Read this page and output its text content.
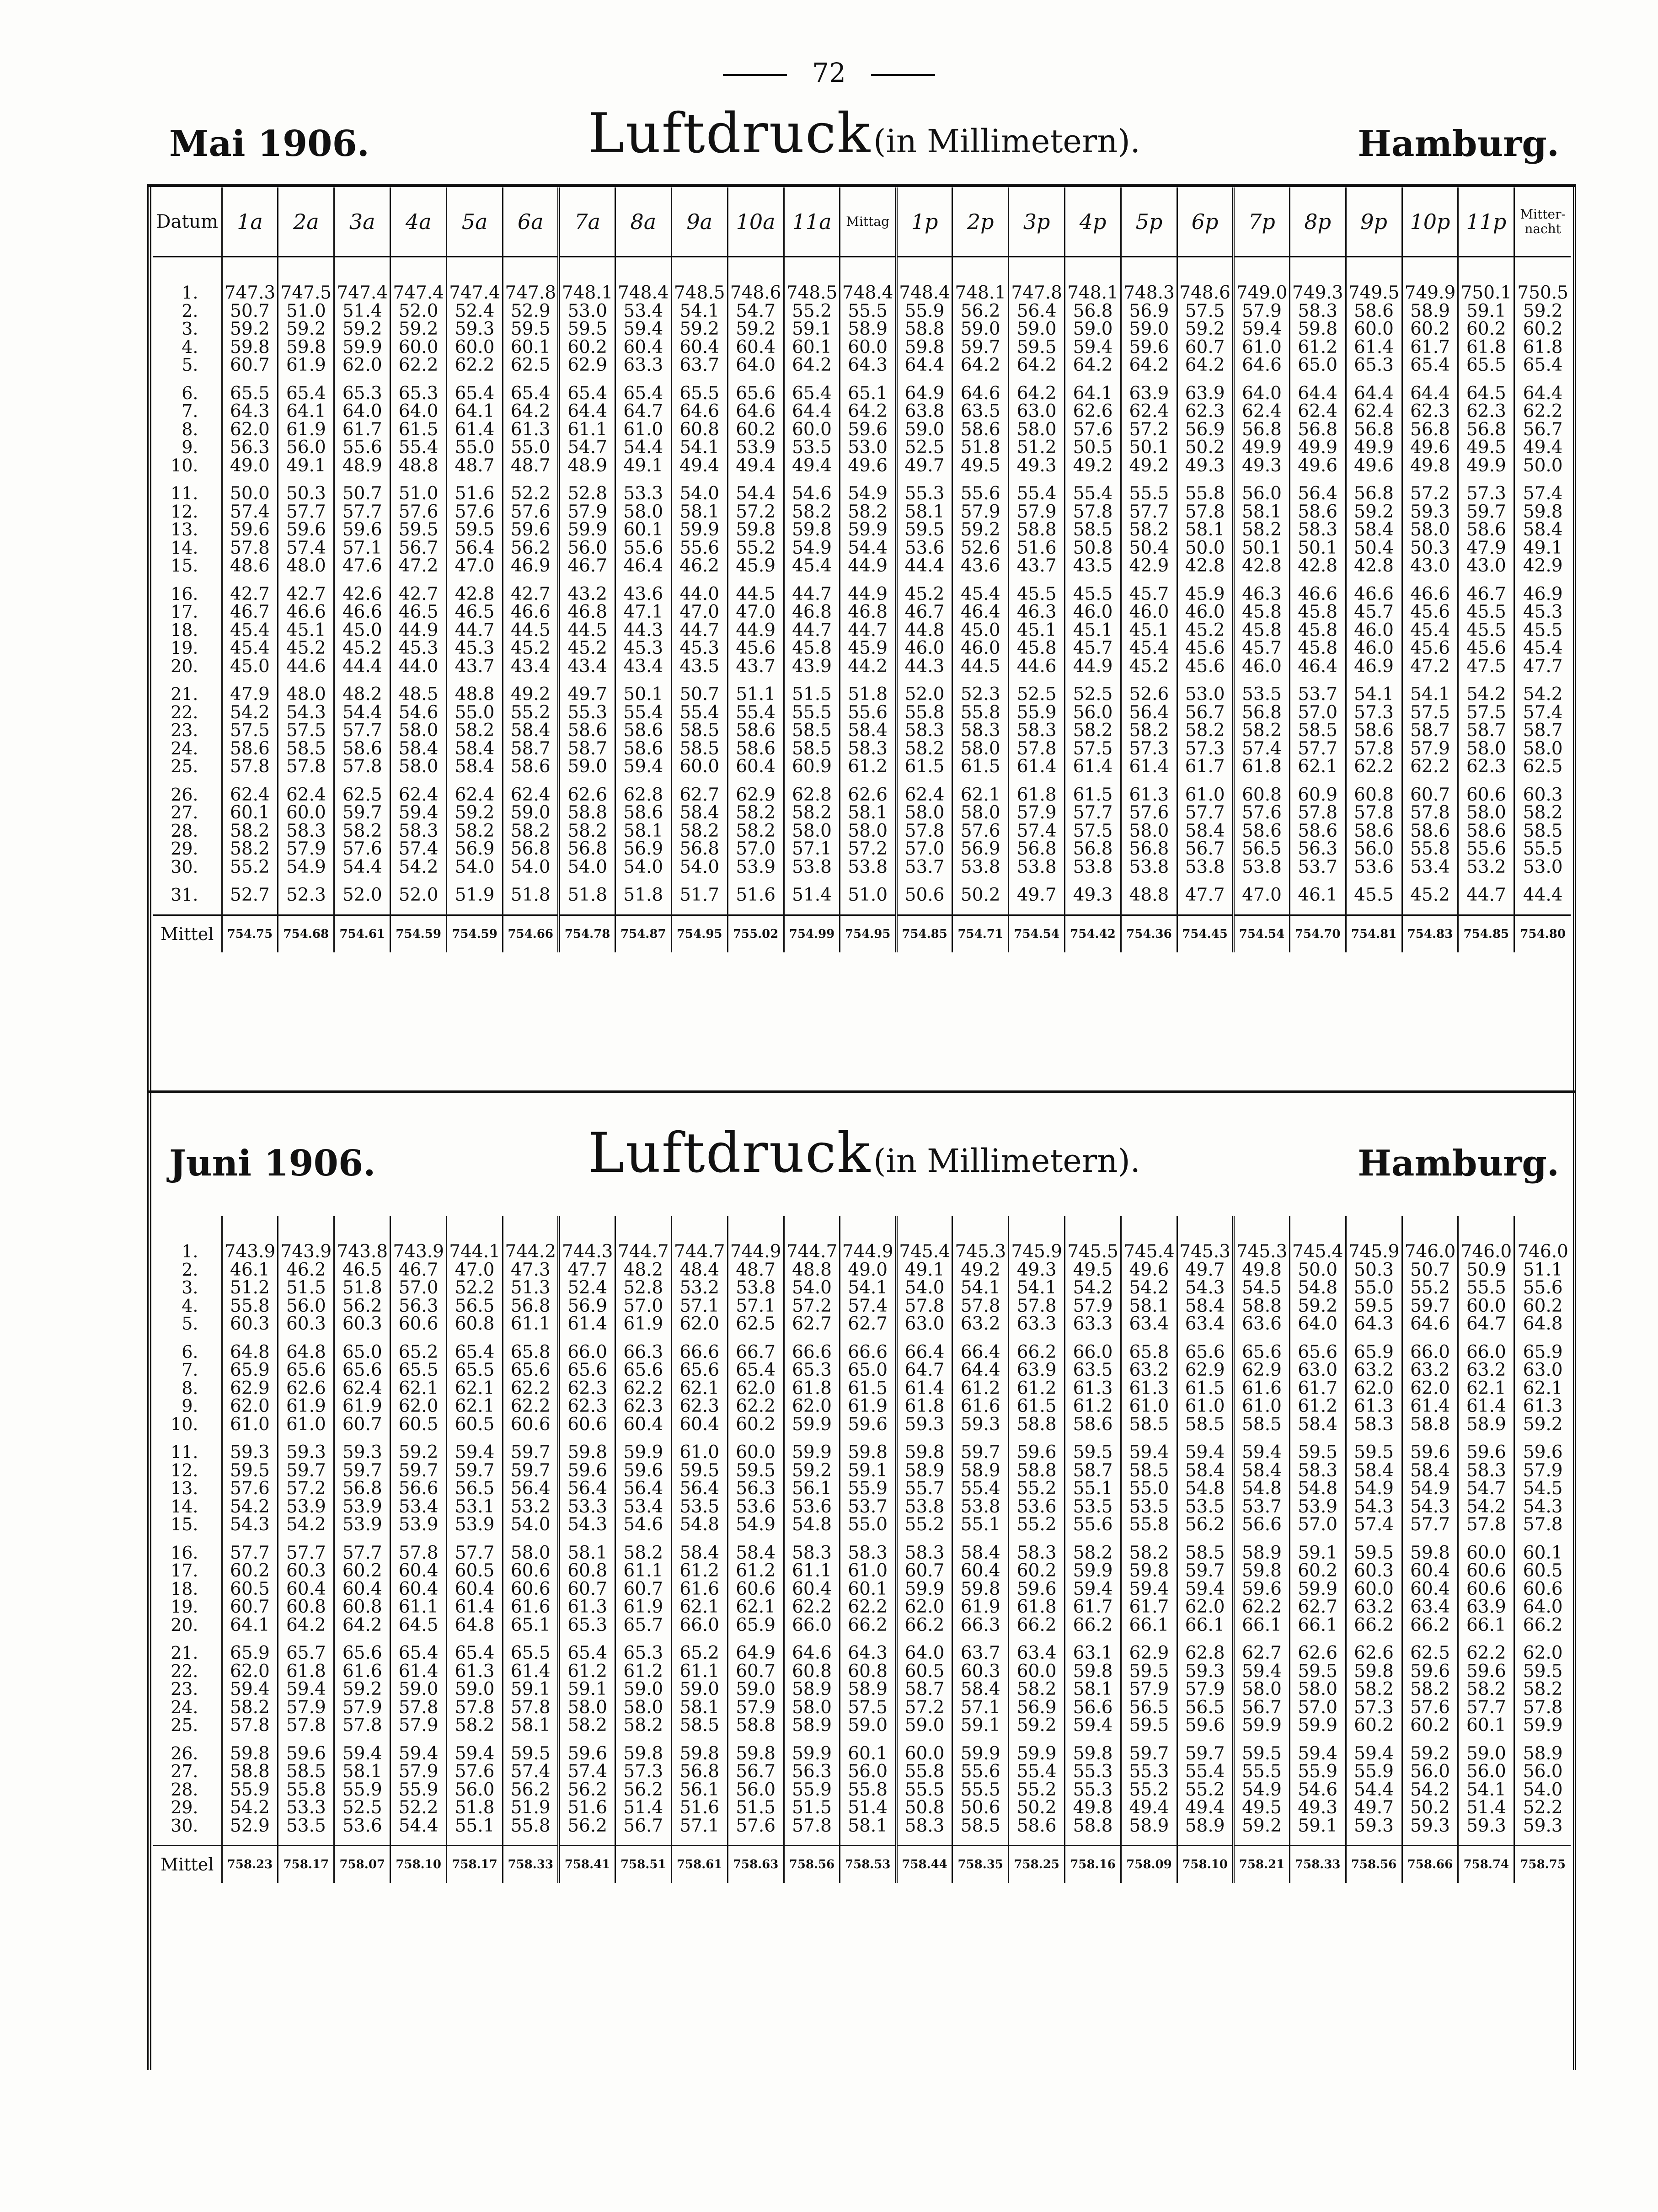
72
Mai 1906.	Luftdruck (in Millimetern).	Hamburg.
Juni 1906.	Luftdruck (in Millimetern).	Hamburg.
Datum	1a	2a	3a	4a	5a	6a	7a	8a	9a	10a	11a	Mittag	1p	2p	3p	4p	5p	6p	7p	8p	9p	10p	11p	Mitter-nacht

1.	747.3	747.5	747.4	747.4	747.4	747.8	748.1	748.4	748.5	748.6	748.5	748.4	748.4	748.1	747.8	748.1	748.3	748.6	749.0	749.3	749.5	749.9	750.1	750.5
2.	50.7	51.0	51.4	52.0	52.4	52.9	53.0	53.4	54.1	54.7	55.2	55.5	55.9	56.2	56.4	56.8	56.9	57.5	57.9	58.3	58.6	58.9	59.1	59.2
3.	59.2	59.2	59.2	59.2	59.3	59.5	59.5	59.4	59.2	59.2	59.1	58.9	58.8	59.0	59.0	59.0	59.0	59.2	59.4	59.8	60.0	60.2	60.2	60.2
4.	59.8	59.8	59.9	60.0	60.0	60.1	60.2	60.4	60.4	60.4	60.1	60.0	59.8	59.7	59.5	59.4	59.6	60.7	61.0	61.2	61.4	61.7	61.8	61.8
5.	60.7	61.9	62.0	62.2	62.2	62.5	62.9	63.3	63.7	64.0	64.2	64.3	64.4	64.2	64.2	64.2	64.2	64.2	64.6	65.0	65.3	65.4	65.5	65.4

6.	65.5	65.4	65.3	65.3	65.4	65.4	65.4	65.4	65.5	65.6	65.4	65.1	64.9	64.6	64.2	64.1	63.9	63.9	64.0	64.4	64.4	64.4	64.5	64.4
7.	64.3	64.1	64.0	64.0	64.1	64.2	64.4	64.7	64.6	64.6	64.4	64.2	63.8	63.5	63.0	62.6	62.4	62.3	62.4	62.4	62.4	62.3	62.3	62.2
8.	62.0	61.9	61.7	61.5	61.4	61.3	61.1	61.0	60.8	60.2	60.0	59.6	59.0	58.6	58.0	57.6	57.2	56.9	56.8	56.8	56.8	56.8	56.8	56.7
9.	56.3	56.0	55.6	55.4	55.0	55.0	54.7	54.4	54.1	53.9	53.5	53.0	52.5	51.8	51.2	50.5	50.1	50.2	49.9	49.9	49.9	49.6	49.5	49.4
10.	49.0	49.1	48.9	48.8	48.7	48.7	48.9	49.1	49.4	49.4	49.4	49.6	49.7	49.5	49.3	49.2	49.2	49.3	49.3	49.6	49.6	49.8	49.9	50.0

11.	50.0	50.3	50.7	51.0	51.6	52.2	52.8	53.3	54.0	54.4	54.6	54.9	55.3	55.6	55.4	55.4	55.5	55.8	56.0	56.4	56.8	57.2	57.3	57.4
12.	57.4	57.7	57.7	57.6	57.6	57.6	57.9	58.0	58.1	57.2	58.2	58.2	58.1	57.9	57.9	57.8	57.7	57.8	58.1	58.6	59.2	59.3	59.7	59.8
13.	59.6	59.6	59.6	59.5	59.5	59.6	59.9	60.1	59.9	59.8	59.8	59.9	59.5	59.2	58.8	58.5	58.2	58.1	58.2	58.3	58.4	58.0	58.6	58.4
14.	57.8	57.4	57.1	56.7	56.4	56.2	56.0	55.6	55.6	55.2	54.9	54.4	53.6	52.6	51.6	50.8	50.4	50.0	50.1	50.1	50.4	50.3	47.9	49.1
15.	48.6	48.0	47.6	47.2	47.0	46.9	46.7	46.4	46.2	45.9	45.4	44.9	44.4	43.6	43.7	43.5	42.9	42.8	42.8	42.8	42.8	43.0	43.0	42.9

16.	42.7	42.7	42.6	42.7	42.8	42.7	43.2	43.6	44.0	44.5	44.7	44.9	45.2	45.4	45.5	45.5	45.7	45.9	46.3	46.6	46.6	46.6	46.7	46.9
17.	46.7	46.6	46.6	46.5	46.5	46.6	46.8	47.1	47.0	47.0	46.8	46.8	46.7	46.4	46.3	46.0	46.0	46.0	45.8	45.8	45.7	45.6	45.5	45.3
18.	45.4	45.1	45.0	44.9	44.7	44.5	44.5	44.3	44.7	44.9	44.7	44.7	44.8	45.0	45.1	45.1	45.1	45.2	45.8	45.8	46.0	45.4	45.5	45.5
19.	45.4	45.2	45.2	45.3	45.3	45.2	45.2	45.3	45.3	45.6	45.8	45.9	46.0	46.0	45.8	45.7	45.4	45.6	45.7	45.8	46.0	45.6	45.6	45.4
20.	45.0	44.6	44.4	44.0	43.7	43.4	43.4	43.4	43.5	43.7	43.9	44.2	44.3	44.5	44.6	44.9	45.2	45.6	46.0	46.4	46.9	47.2	47.5	47.7

21.	47.9	48.0	48.2	48.5	48.8	49.2	49.7	50.1	50.7	51.1	51.5	51.8	52.0	52.3	52.5	52.5	52.6	53.0	53.5	53.7	54.1	54.1	54.2	54.2
22.	54.2	54.3	54.4	54.6	55.0	55.2	55.3	55.4	55.4	55.4	55.5	55.6	55.8	55.8	55.9	56.0	56.4	56.7	56.8	57.0	57.3	57.5	57.5	57.4
23.	57.5	57.5	57.7	58.0	58.2	58.4	58.6	58.6	58.5	58.6	58.5	58.4	58.3	58.3	58.3	58.2	58.2	58.2	58.2	58.5	58.6	58.7	58.7	58.7
24.	58.6	58.5	58.6	58.4	58.4	58.7	58.7	58.6	58.5	58.6	58.5	58.3	58.2	58.0	57.8	57.5	57.3	57.3	57.4	57.7	57.8	57.9	58.0	58.0
25.	57.8	57.8	57.8	58.0	58.4	58.6	59.0	59.4	60.0	60.4	60.9	61.2	61.5	61.5	61.4	61.4	61.4	61.7	61.8	62.1	62.2	62.2	62.3	62.5

26.	62.4	62.4	62.5	62.4	62.4	62.4	62.6	62.8	62.7	62.9	62.8	62.6	62.4	62.1	61.8	61.5	61.3	61.0	60.8	60.9	60.8	60.7	60.6	60.3
27.	60.1	60.0	59.7	59.4	59.2	59.0	58.8	58.6	58.4	58.2	58.2	58.1	58.0	58.0	57.9	57.7	57.6	57.7	57.6	57.8	57.8	57.8	58.0	58.2
28.	58.2	58.3	58.2	58.3	58.2	58.2	58.2	58.1	58.2	58.2	58.0	58.0	57.8	57.6	57.4	57.5	58.0	58.4	58.6	58.6	58.6	58.6	58.6	58.5
29.	58.2	57.9	57.6	57.4	56.9	56.8	56.8	56.9	56.8	57.0	57.1	57.2	57.0	56.9	56.8	56.8	56.8	56.7	56.5	56.3	56.0	55.8	55.6	55.5
30.	55.2	54.9	54.4	54.2	54.0	54.0	54.0	54.0	54.0	53.9	53.8	53.8	53.7	53.8	53.8	53.8	53.8	53.8	53.8	53.7	53.6	53.4	53.2	53.0

31.	52.7	52.3	52.0	52.0	51.9	51.8	51.8	51.8	51.7	51.6	51.4	51.0	50.6	50.2	49.7	49.3	48.8	47.7	47.0	46.1	45.5	45.2	44.7	44.4

Mittel	754.75	754.68	754.61	754.59	754.59	754.66	754.78	754.87	754.95	755.02	754.99	754.95	754.85	754.71	754.54	754.42	754.36	754.45	754.54	754.70	754.81	754.83	754.85	754.80

1.	743.9	743.9	743.8	743.9	744.1	744.2	744.3	744.7	744.7	744.9	744.7	744.9	745.4	745.3	745.9	745.5	745.4	745.3	745.3	745.4	745.9	746.0	746.0	746.0
2.	46.1	46.2	46.5	46.7	47.0	47.3	47.7	48.2	48.4	48.7	48.8	49.0	49.1	49.2	49.3	49.5	49.6	49.7	49.8	50.0	50.3	50.7	50.9	51.1
3.	51.2	51.5	51.8	57.0	52.2	51.3	52.4	52.8	53.2	53.8	54.0	54.1	54.0	54.1	54.1	54.2	54.2	54.3	54.5	54.8	55.0	55.2	55.5	55.6
4.	55.8	56.0	56.2	56.3	56.5	56.8	56.9	57.0	57.1	57.1	57.2	57.4	57.8	57.8	57.8	57.9	58.1	58.4	58.8	59.2	59.5	59.7	60.0	60.2
5.	60.3	60.3	60.3	60.6	60.8	61.1	61.4	61.9	62.0	62.5	62.7	62.7	63.0	63.2	63.3	63.3	63.4	63.4	63.6	64.0	64.3	64.6	64.7	64.8

6.	64.8	64.8	65.0	65.2	65.4	65.8	66.0	66.3	66.6	66.7	66.6	66.6	66.4	66.4	66.2	66.0	65.8	65.6	65.6	65.6	65.9	66.0	66.0	65.9
7.	65.9	65.6	65.6	65.5	65.5	65.6	65.6	65.6	65.6	65.4	65.3	65.0	64.7	64.4	63.9	63.5	63.2	62.9	62.9	63.0	63.2	63.2	63.2	63.0
8.	62.9	62.6	62.4	62.1	62.1	62.2	62.3	62.2	62.1	62.0	61.8	61.5	61.4	61.2	61.2	61.3	61.3	61.5	61.6	61.7	62.0	62.0	62.1	62.1
9.	62.0	61.9	61.9	62.0	62.1	62.2	62.3	62.3	62.3	62.2	62.0	61.9	61.8	61.6	61.5	61.2	61.0	61.0	61.0	61.2	61.3	61.4	61.4	61.3
10.	61.0	61.0	60.7	60.5	60.5	60.6	60.6	60.4	60.4	60.2	59.9	59.6	59.3	59.3	58.8	58.6	58.5	58.5	58.5	58.4	58.3	58.8	58.9	59.2

11.	59.3	59.3	59.3	59.2	59.4	59.7	59.8	59.9	61.0	60.0	59.9	59.8	59.8	59.7	59.6	59.5	59.4	59.4	59.4	59.5	59.5	59.6	59.6	59.6
12.	59.5	59.7	59.7	59.7	59.7	59.7	59.6	59.6	59.5	59.5	59.2	59.1	58.9	58.9	58.8	58.7	58.5	58.4	58.4	58.3	58.4	58.4	58.3	57.9
13.	57.6	57.2	56.8	56.6	56.5	56.4	56.4	56.4	56.4	56.3	56.1	55.9	55.7	55.4	55.2	55.1	55.0	54.8	54.8	54.8	54.9	54.9	54.7	54.5
14.	54.2	53.9	53.9	53.4	53.1	53.2	53.3	53.4	53.5	53.6	53.6	53.7	53.8	53.8	53.6	53.5	53.5	53.5	53.7	53.9	54.3	54.3	54.2	54.3
15.	54.3	54.2	53.9	53.9	53.9	54.0	54.3	54.6	54.8	54.9	54.8	55.0	55.2	55.1	55.2	55.6	55.8	56.2	56.6	57.0	57.4	57.7	57.8	57.8

16.	57.7	57.7	57.7	57.8	57.7	58.0	58.1	58.2	58.4	58.4	58.3	58.3	58.3	58.4	58.3	58.2	58.2	58.5	58.9	59.1	59.5	59.8	60.0	60.1
17.	60.2	60.3	60.2	60.4	60.5	60.6	60.8	61.1	61.2	61.2	61.1	61.0	60.7	60.4	60.2	59.9	59.8	59.7	59.8	60.2	60.3	60.4	60.6	60.5
18.	60.5	60.4	60.4	60.4	60.4	60.6	60.7	60.7	61.6	60.6	60.4	60.1	59.9	59.8	59.6	59.4	59.4	59.4	59.6	59.9	60.0	60.4	60.6	60.6
19.	60.7	60.8	60.8	61.1	61.4	61.6	61.3	61.9	62.1	62.1	62.2	62.2	62.0	61.9	61.8	61.7	61.7	62.0	62.2	62.7	63.2	63.4	63.9	64.0
20.	64.1	64.2	64.2	64.5	64.8	65.1	65.3	65.7	66.0	65.9	66.0	66.2	66.2	66.3	66.2	66.2	66.1	66.1	66.1	66.1	66.2	66.2	66.1	66.2

21.	65.9	65.7	65.6	65.4	65.4	65.5	65.4	65.3	65.2	64.9	64.6	64.3	64.0	63.7	63.4	63.1	62.9	62.8	62.7	62.6	62.6	62.5	62.2	62.0
22.	62.0	61.8	61.6	61.4	61.3	61.4	61.2	61.2	61.1	60.7	60.8	60.8	60.5	60.3	60.0	59.8	59.5	59.3	59.4	59.5	59.8	59.6	59.6	59.5
23.	59.4	59.4	59.2	59.0	59.0	59.1	59.1	59.0	59.0	59.0	58.9	58.9	58.7	58.4	58.2	58.1	57.9	57.9	58.0	58.0	58.2	58.2	58.2	58.2
24.	58.2	57.9	57.9	57.8	57.8	57.8	58.0	58.0	58.1	57.9	58.0	57.5	57.2	57.1	56.9	56.6	56.5	56.5	56.7	57.0	57.3	57.6	57.7	57.8
25.	57.8	57.8	57.8	57.9	58.2	58.1	58.2	58.2	58.5	58.8	58.9	59.0	59.0	59.1	59.2	59.4	59.5	59.6	59.9	59.9	60.2	60.2	60.1	59.9

26.	59.8	59.6	59.4	59.4	59.4	59.5	59.6	59.8	59.8	59.8	59.9	60.1	60.0	59.9	59.9	59.8	59.7	59.7	59.5	59.4	59.4	59.2	59.0	58.9
27.	58.8	58.5	58.1	57.9	57.6	57.4	57.4	57.3	56.8	56.7	56.3	56.0	55.8	55.6	55.4	55.3	55.3	55.4	55.5	55.9	55.9	56.0	56.0	56.0
28.	55.9	55.8	55.9	55.9	56.0	56.2	56.2	56.2	56.1	56.0	55.9	55.8	55.5	55.5	55.2	55.3	55.2	55.2	54.9	54.6	54.4	54.2	54.1	54.0
29.	54.2	53.3	52.5	52.2	51.8	51.9	51.6	51.4	51.6	51.5	51.5	51.4	50.8	50.6	50.2	49.8	49.4	49.4	49.5	49.3	49.7	50.2	51.4	52.2
30.	52.9	53.5	53.6	54.4	55.1	55.8	56.2	56.7	57.1	57.6	57.8	58.1	58.3	58.5	58.6	58.8	58.9	58.9	59.2	59.1	59.3	59.3	59.3	59.3

Mittel	758.23	758.17	758.07	758.10	758.17	758.33	758.41	758.51	758.61	758.63	758.56	758.53	758.44	758.35	758.25	758.16	758.09	758.10	758.21	758.33	758.56	758.66	758.74	758.75
